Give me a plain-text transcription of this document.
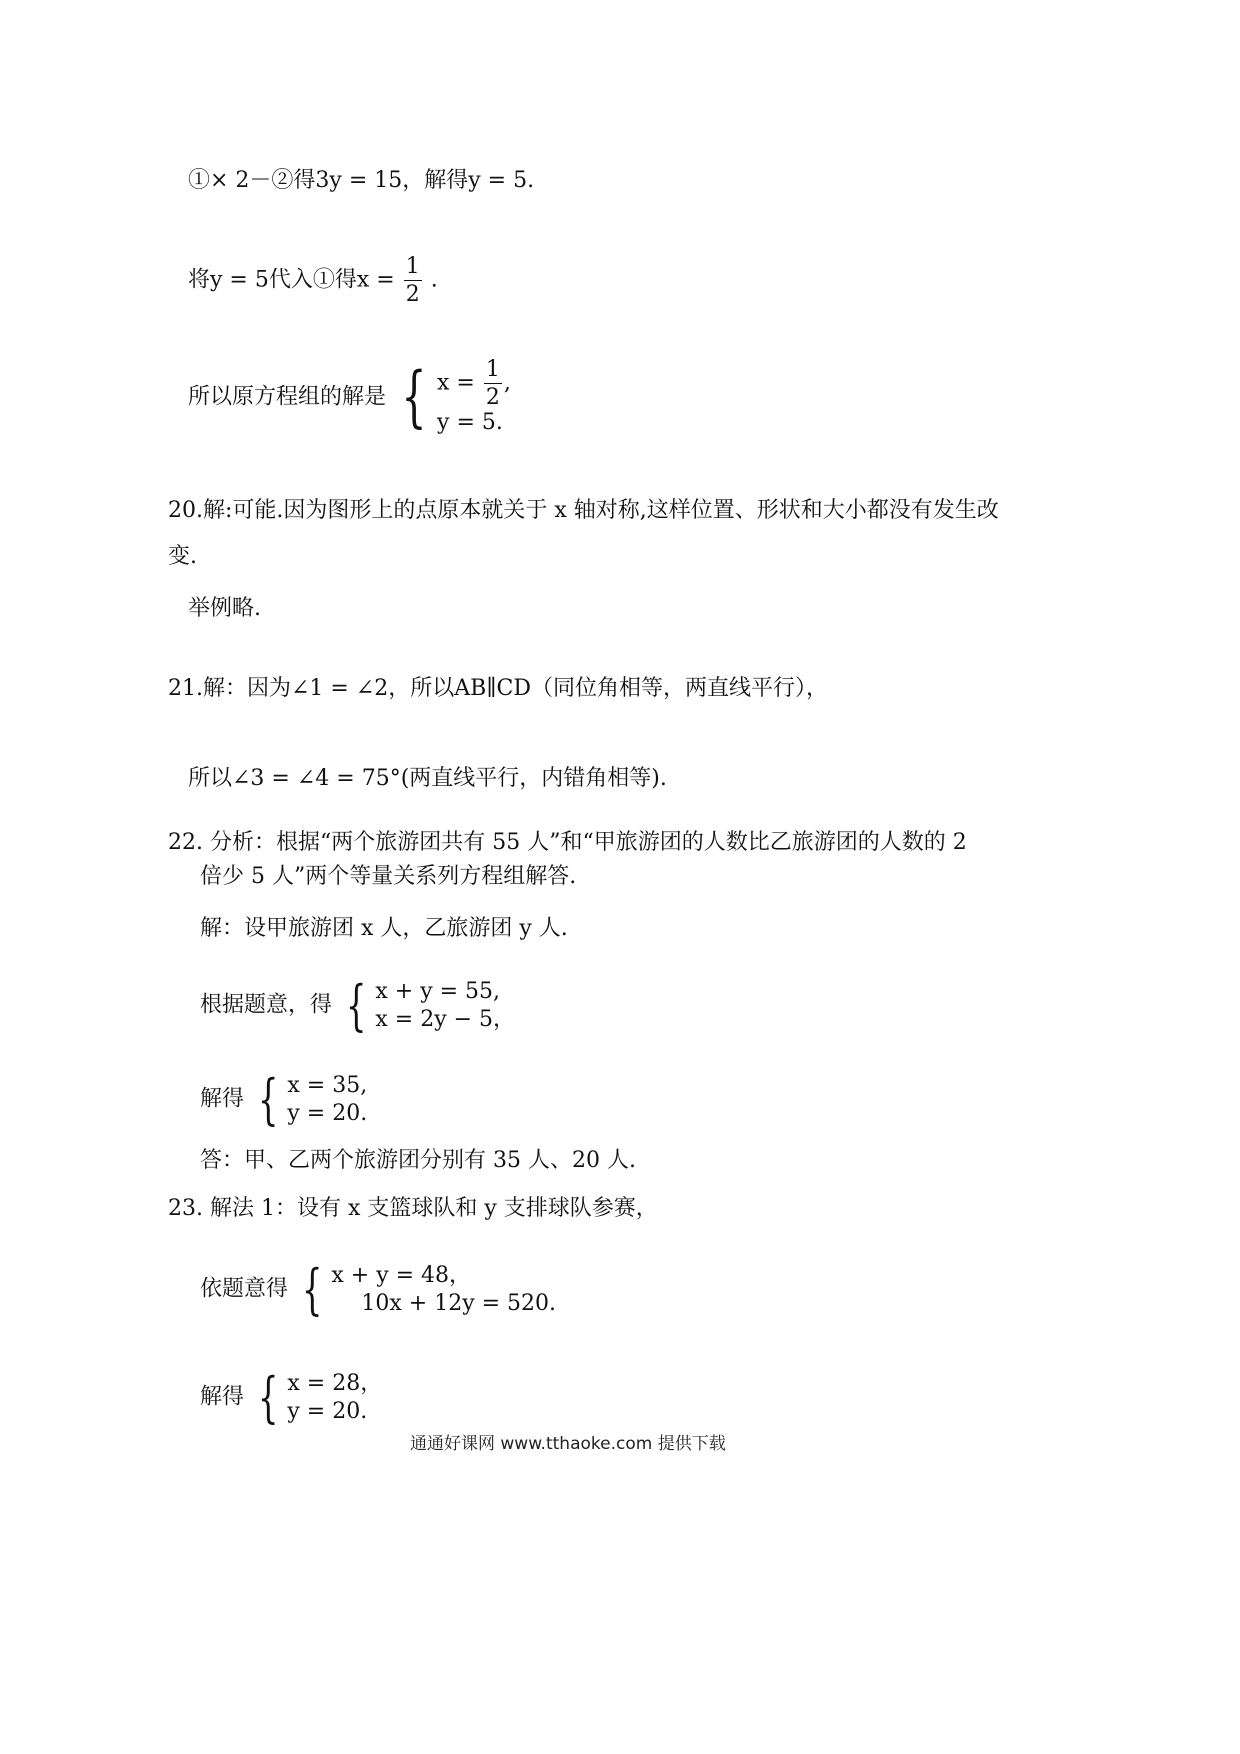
①× 2－②得3y = 15，解得y = 5.
将y = 5代入①得$x = \frac{1}{2}$ .
所以原方程组的解是 { $x = \frac{1}{2}$ ,
y = 5.
20.解:可能.因为图形上的点原本就关于 x 轴对称,这样位置、形状和大小都没有发生改
变.
举例略.
21.解：因为∠1 = ∠2，所以AB∥CD（同位角相等，两直线平行），
所以∠3 = ∠4 = 75°(两直线平行，内错角相等).
22. 分析：根据“两个旅游团共有 55 人”和“甲旅游团的人数比乙旅游团的人数的 2
倍少 5 人”两个等量关系列方程组解答.
解：设甲旅游团 x 人，乙旅游团 y 人.
根据题意，得 { x + y = 55,
x = 2y − 5，
解得 { x = 35,
y = 20.
答：甲、乙两个旅游团分别有 35 人、20 人.
23. 解法 1：设有 x 支篮球队和 y 支排球队参赛，
依题意得 { x + y = 48，
10x + 12y = 520.
解得 { x = 28，
y = 20.
通通好课网 www.tthaoke.com 提供下载
